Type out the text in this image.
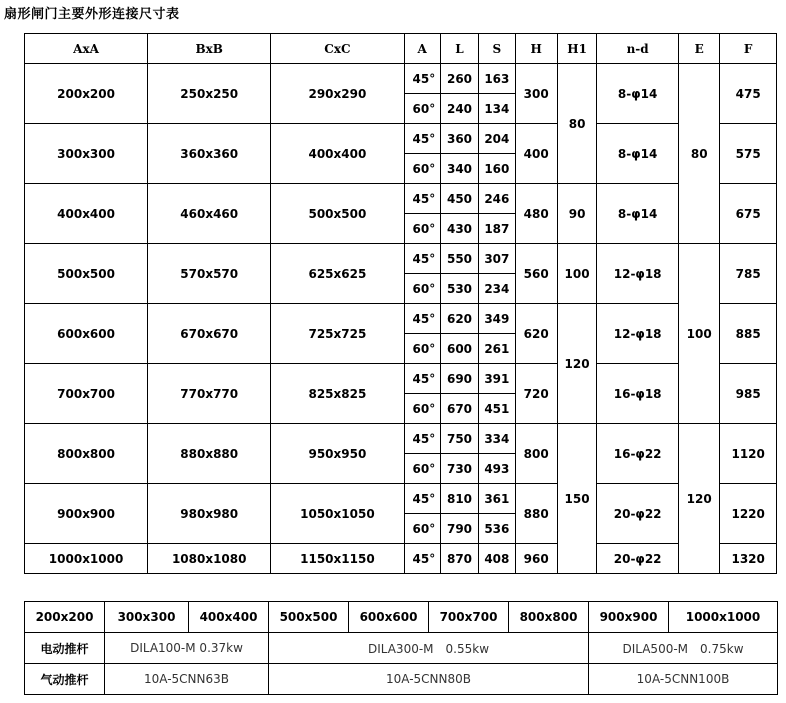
扇形闸门主要外形连接尺寸表
AxA	BxB	CxC	A	L	S	H	H1	n-d	E	F
200x200	250x250	290x290	45°	260	163	300	80	8-φ14	80	475
			60°	240	134					
300x300	360x360	400x400	45°	360	204	400		8-φ14		575
			60°	340	160					
400x400	460x460	500x500	45°	450	246	480	90	8-φ14		675
			60°	430	187					
500x500	570x570	625x625	45°	550	307	560	100	12-φ18	100	785
			60°	530	234					
600x600	670x670	725x725	45°	620	349	620	120	12-φ18		885
			60°	600	261					
700x700	770x770	825x825	45°	690	391	720		16-φ18		985
			60°	670	451					
800x800	880x880	950x950	45°	750	334	800	150	16-φ22	120	1120
			60°	730	493					
900x900	980x980	1050x1050	45°	810	361	880		20-φ22		1220
			60°	790	536					
1000x1000	1080x1080	1150x1150	45°	870	408	960		20-φ22		1320
200x200	300x300	400x400	500x500	600x600	700x700	800x800	900x900	1000x1000
电动推杆	DILA100-M 0.37kw		DILA300-M　0.55kw				DILA500-M　0.75kw	
气动推杆	10A-5CNN63B		10A-5CNN80B				10A-5CNN100B	
